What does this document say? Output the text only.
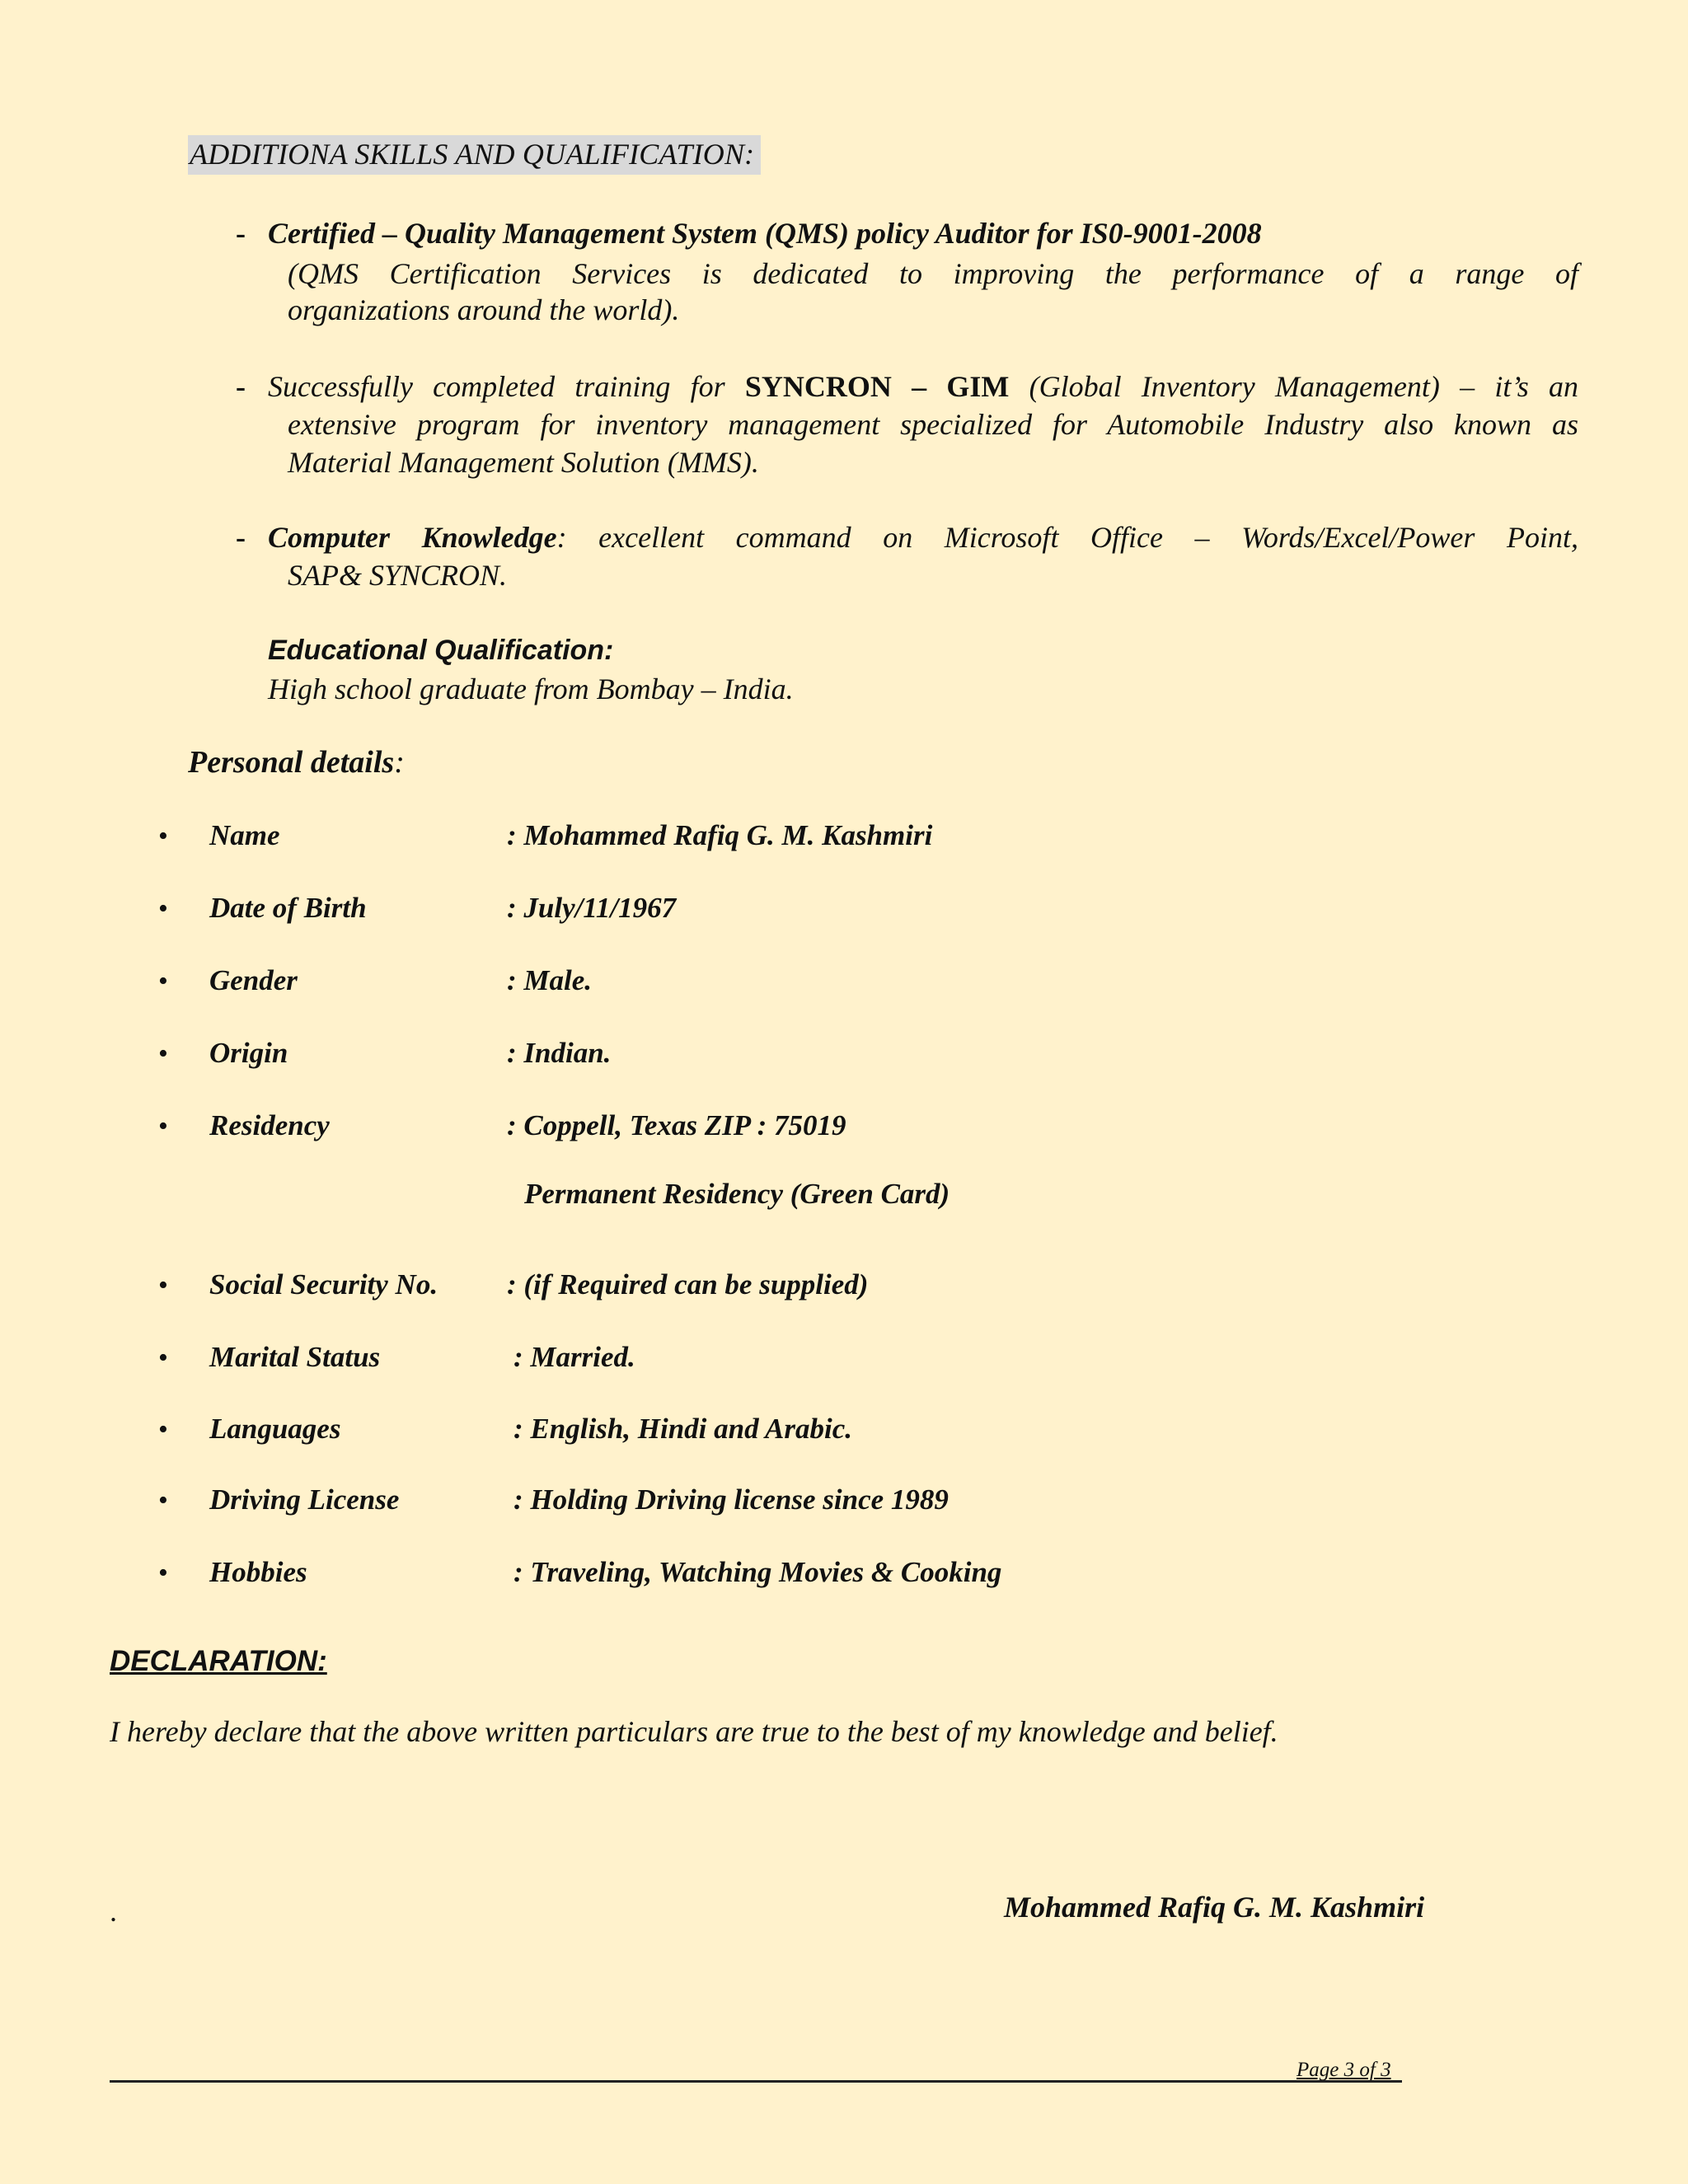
ADDITIONA SKILLS AND QUALIFICATION:
- Certified – Quality Management System (QMS) policy Auditor for IS0-9001-2008
(QMS Certification Services is dedicated to improving the performance of a range of
organizations around the world).
- Successfully completed training for SYNCRON – GIM (Global Inventory Management) – it’s an
extensive program for inventory management specialized for Automobile Industry also known as
Material Management Solution (MMS).
- Computer Knowledge: excellent command on Microsoft Office – Words/Excel/Power Point,
SAP& SYNCRON.
Educational Qualification:
High school graduate from Bombay – India.
Personal details:
• Name	: Mohammed Rafiq G. M. Kashmiri
• Date of Birth	: July/11/1967
• Gender	: Male.
• Origin	: Indian.
• Residency	: Coppell, Texas ZIP : 75019
Permanent Residency (Green Card)
• Social Security No. : (if Required can be supplied)
• Marital Status	: Married.
• Languages	: English, Hindi and Arabic.
• Driving License	: Holding Driving license since 1989
• Hobbies	: Traveling, Watching Movies & Cooking
DECLARATION:
I hereby declare that the above written particulars are true to the best of my knowledge and belief.
.	Mohammed Rafiq G. M. Kashmiri
Page 3 of 3
